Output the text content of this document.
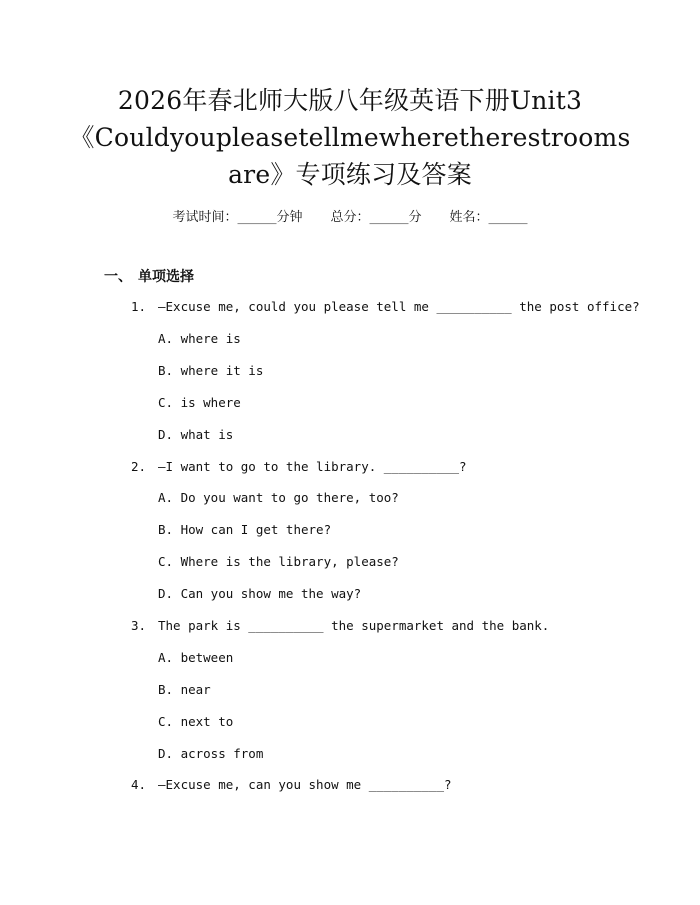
2026年春北师大版八年级英语下册Unit3
《Couldyoupleasetellmewheretherestrooms
are》专项练习及答案
考试时间：______分钟 总分：______分 姓名：______
一、 单项选择
1. —Excuse me, could you please tell me __________ the post office?
A. where is
B. where it is
C. is where
D. what is
2. —I want to go to the library. __________?
A. Do you want to go there, too?
B. How can I get there?
C. Where is the library, please?
D. Can you show me the way?
3. The park is __________ the supermarket and the bank.
A. between
B. near
C. next to
D. across from
4. —Excuse me, can you show me __________?
